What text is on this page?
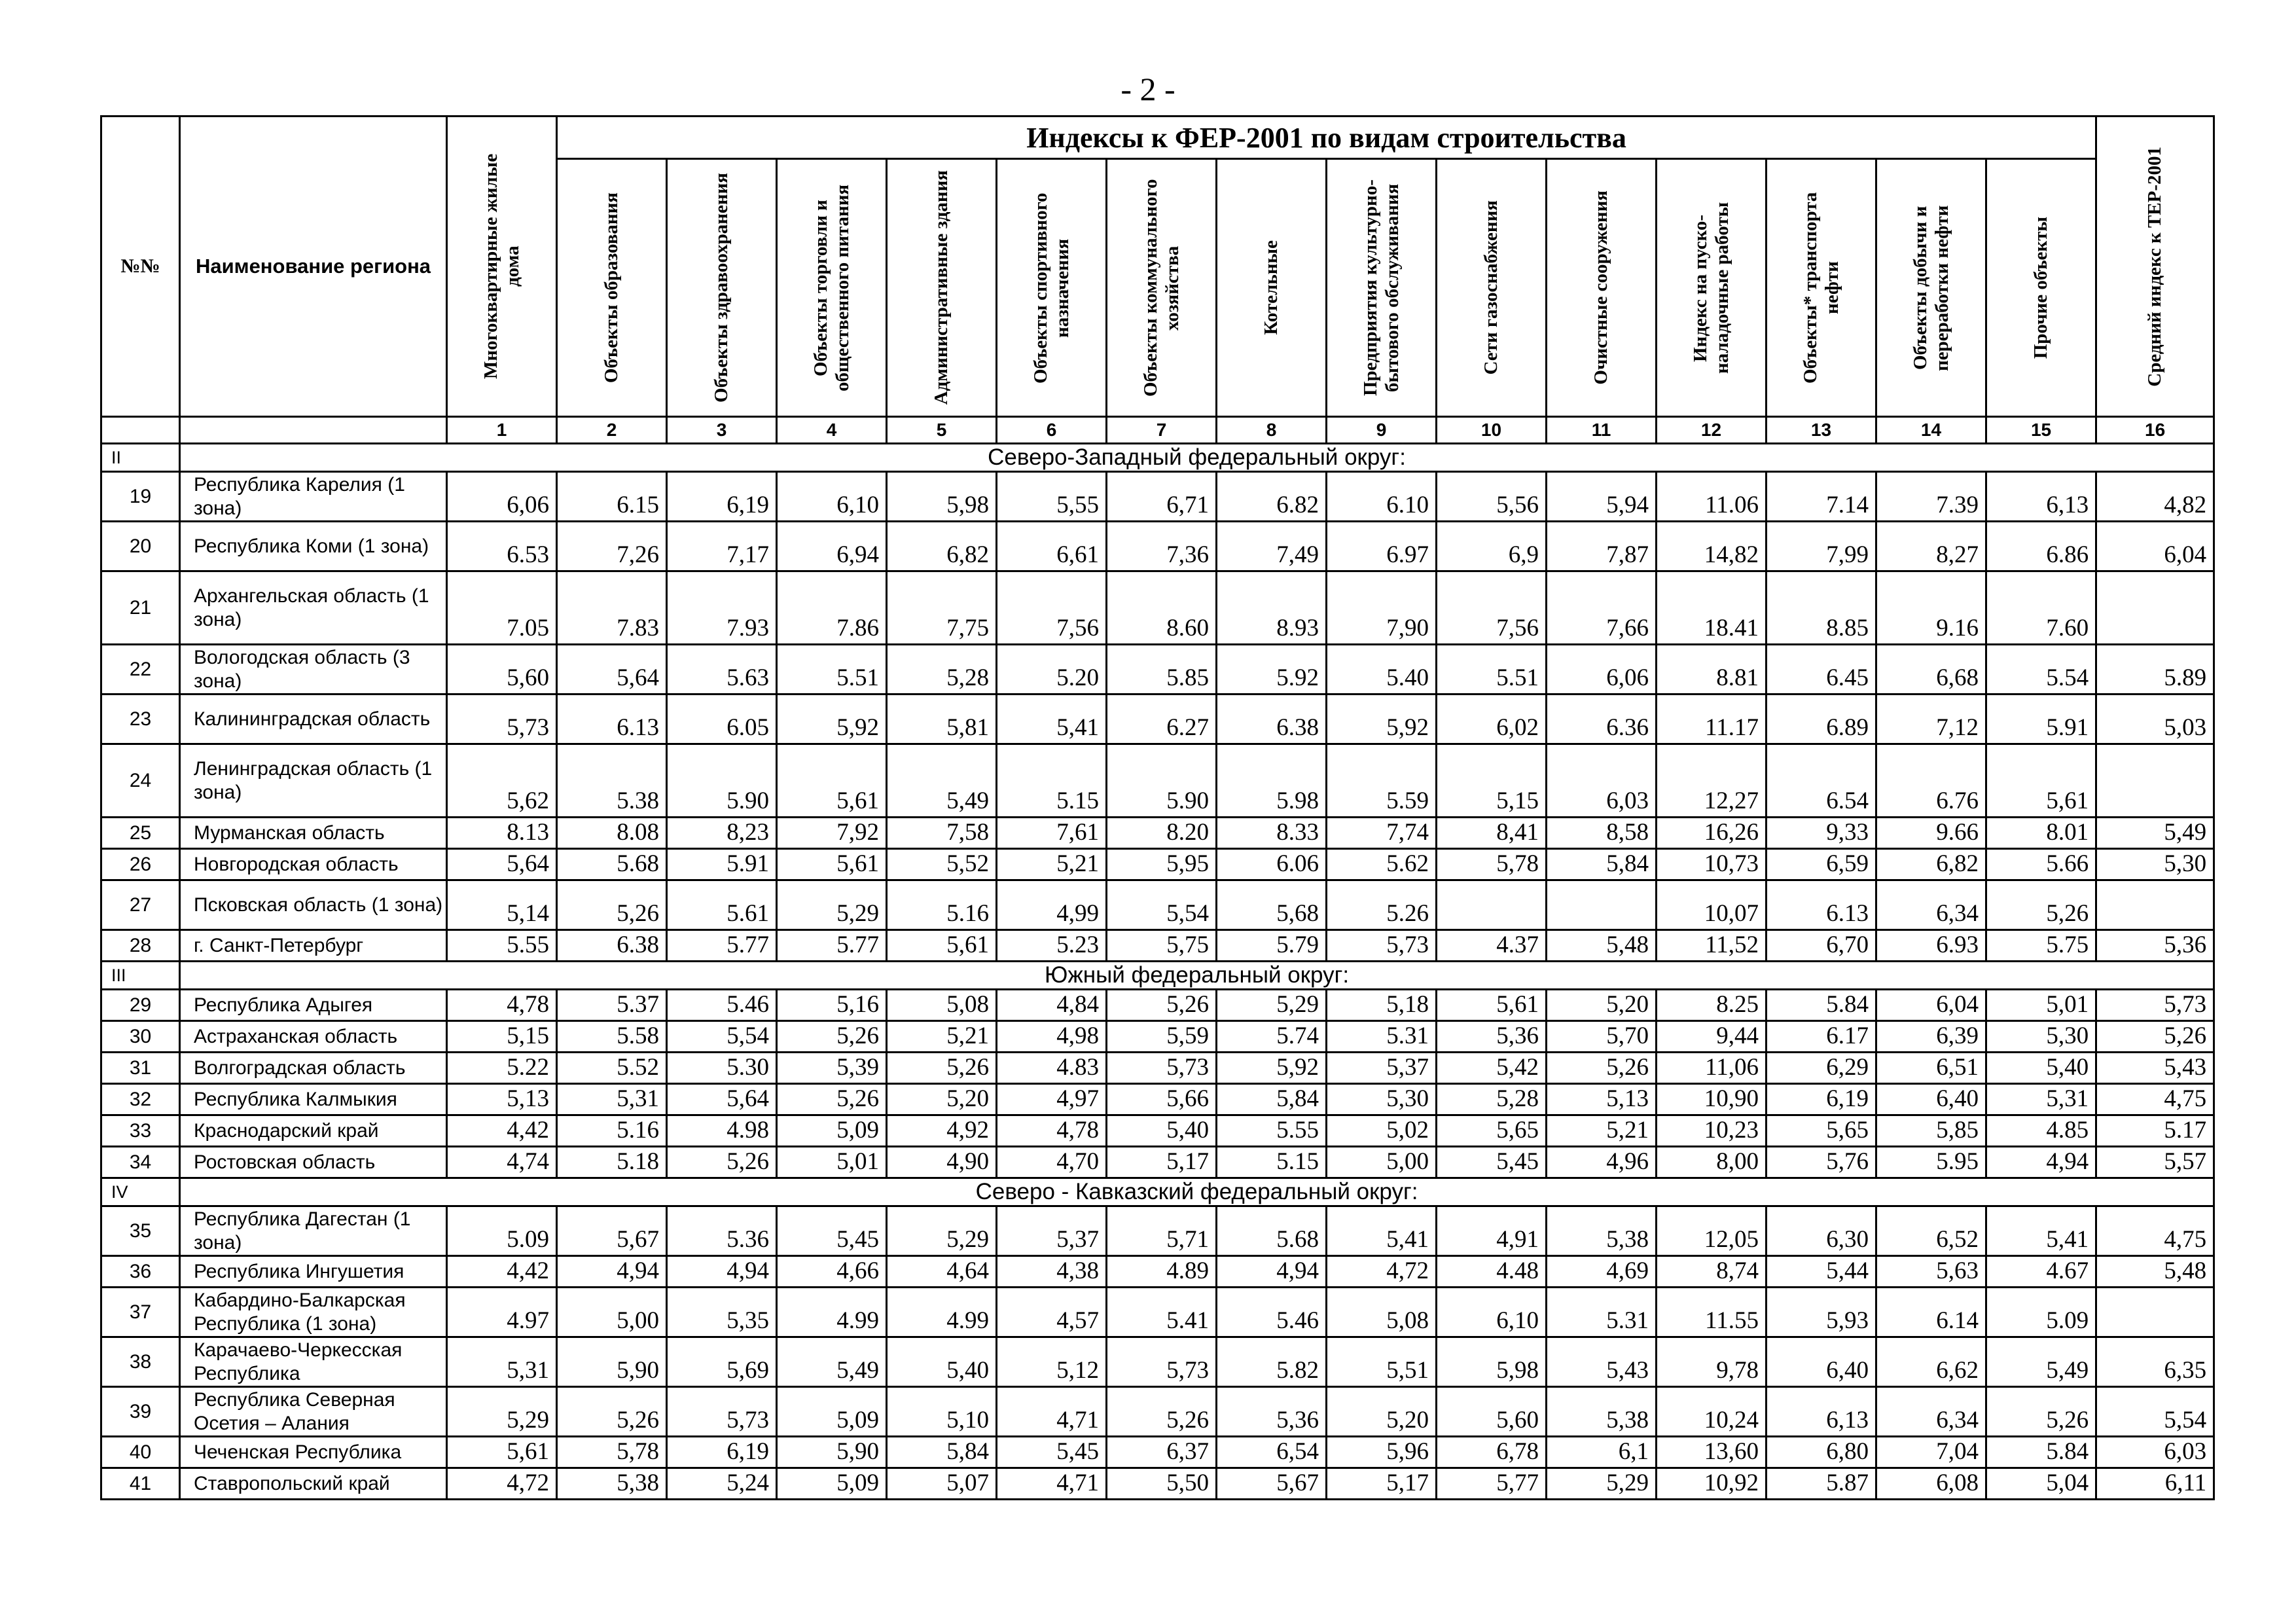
- 2 -
№№	Наименование региона	Многоквартирные жилые дома	Индексы к ФЕР-2001 по видам строительства														Средний индекс к ТЕР-2001

			Объекты образования	Объекты здравоохранения	Объекты торговли и общественного питания	Административные здания	Объекты спортивного назначения	Объекты коммунального хозяйства	Котельные	Предприятия культурно-бытового обслуживания	Сети газоснабжения	Очистные сооружения	Индекс на пуско-наладочные работы	Объекты* транспорта нефти	Объекты добычи и переработки нефти	Прочие объекты	

		1	2	3	4	5	6	7	8	9	10	11	12	13	14	15	16
II	Северо-Западный федеральный округ:																
19	Республика Карелия (1 зона)	6,06	6.15	6,19	6,10	5,98	5,55	6,71	6.82	6.10	5,56	5,94	11.06	7.14	7.39	6,13	4,82
20	Республика Коми (1 зона)	6.53	7,26	7,17	6,94	6,82	6,61	7,36	7,49	6.97	6,9	7,87	14,82	7,99	8,27	6.86	6,04
21	Архангельская область (1 зона)	7.05	7.83	7.93	7.86	7,75	7,56	8.60	8.93	7,90	7,56	7,66	18.41	8.85	9.16	7.60	
22	Вологодская область (3 зона)	5,60	5,64	5.63	5.51	5,28	5.20	5.85	5.92	5.40	5.51	6,06	8.81	6.45	6,68	5.54	5.89
23	Калининградская область	5,73	6.13	6.05	5,92	5,81	5,41	6.27	6.38	5,92	6,02	6.36	11.17	6.89	7,12	5.91	5,03
24	Ленинградская область (1 зона)	5,62	5.38	5.90	5,61	5,49	5.15	5.90	5.98	5.59	5,15	6,03	12,27	6.54	6.76	5,61	
25	Мурманская область	8.13	8.08	8,23	7,92	7,58	7,61	8.20	8.33	7,74	8,41	8,58	16,26	9,33	9.66	8.01	5,49
26	Новгородская область	5,64	5.68	5.91	5,61	5,52	5,21	5,95	6.06	5.62	5,78	5,84	10,73	6,59	6,82	5.66	5,30
27	Псковская область (1 зона)	5,14	5,26	5.61	5,29	5.16	4,99	5,54	5,68	5.26			10,07	6.13	6,34	5,26	
28	г. Санкт-Петербург	5.55	6.38	5.77	5.77	5,61	5.23	5,75	5.79	5,73	4.37	5,48	11,52	6,70	6.93	5.75	5,36
III	Южный федеральный округ:																
29	Республика Адыгея	4,78	5.37	5.46	5,16	5,08	4,84	5,26	5,29	5,18	5,61	5,20	8.25	5.84	6,04	5,01	5,73
30	Астраханская область	5,15	5.58	5,54	5,26	5,21	4,98	5,59	5.74	5.31	5,36	5,70	9,44	6.17	6,39	5,30	5,26
31	Волгоградская область	5.22	5.52	5.30	5,39	5,26	4.83	5,73	5,92	5,37	5,42	5,26	11,06	6,29	6,51	5,40	5,43
32	Республика Калмыкия	5,13	5,31	5,64	5,26	5,20	4,97	5,66	5,84	5,30	5,28	5,13	10,90	6,19	6,40	5,31	4,75
33	Краснодарский край	4,42	5.16	4.98	5,09	4,92	4,78	5,40	5.55	5,02	5,65	5,21	10,23	5,65	5,85	4.85	5.17
34	Ростовская область	4,74	5.18	5,26	5,01	4,90	4,70	5,17	5.15	5,00	5,45	4,96	8,00	5,76	5.95	4,94	5,57
IV	Северо - Кавказский федеральный округ:																
35	Республика Дагестан (1 зона)	5.09	5,67	5.36	5,45	5,29	5,37	5,71	5.68	5,41	4,91	5,38	12,05	6,30	6,52	5,41	4,75
36	Республика Ингушетия	4,42	4,94	4,94	4,66	4,64	4,38	4.89	4,94	4,72	4.48	4,69	8,74	5,44	5,63	4.67	5,48
37	Кабардино-Балкарская Республика (1 зона)	4.97	5,00	5,35	4.99	4.99	4,57	5.41	5.46	5,08	6,10	5.31	11.55	5,93	6.14	5.09	
38	Карачаево-Черкесская Республика	5,31	5,90	5,69	5,49	5,40	5,12	5,73	5.82	5,51	5,98	5,43	9,78	6,40	6,62	5,49	6,35
39	Республика Северная Осетия – Алания	5,29	5,26	5,73	5,09	5,10	4,71	5,26	5,36	5,20	5,60	5,38	10,24	6,13	6,34	5,26	5,54
40	Чеченская Республика	5,61	5,78	6,19	5,90	5,84	5,45	6,37	6,54	5,96	6,78	6,1	13,60	6,80	7,04	5.84	6,03
41	Ставропольский край	4,72	5,38	5,24	5,09	5,07	4,71	5,50	5,67	5,17	5,77	5,29	10,92	5.87	6,08	5,04	6,11
